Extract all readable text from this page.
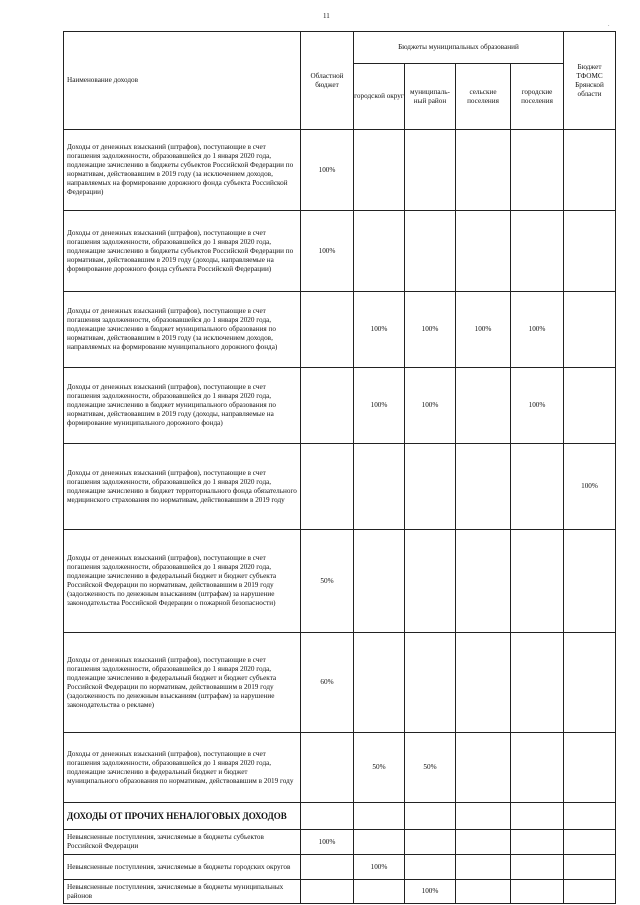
11
.
Наименование доходов	Областной бюджет	Бюджеты муниципальных образований				Бюджет ТФОМС Брянской области
		городской округ	муниципаль-ный район	сельские поселения	городские поселения	
Доходы от денежных взысканий (штрафов), поступающие в счет погашения задолженности, образовавшейся до 1 января 2020 года, подлежащие зачислению в бюджеты субъектов Российской Федерации по нормативам, действовавшим в 2019 году (за исключением доходов, направляемых на формирование дорожного фонда субъекта Российской Федерации)	100%					
Доходы от денежных взысканий (штрафов), поступающие в счет погашения задолженности, образовавшейся до 1 января 2020 года, подлежащие зачислению в бюджеты субъектов Российской Федерации по нормативам, действовавшим в 2019 году (доходы, направляемые на формирование дорожного фонда субъекта Российской Федерации)	100%					
Доходы от денежных взысканий (штрафов), поступающие в счет погашения задолженности, образовавшейся до 1 января 2020 года, подлежащие зачислению в бюджет муниципального образования по нормативам, действовавшим в 2019 году (за исключением доходов, направляемых на формирование муниципального дорожного фонда)		100%	100%	100%	100%	
Доходы от денежных взысканий (штрафов), поступающие в счет погашения задолженности, образовавшейся до 1 января 2020 года, подлежащие зачислению в бюджет муниципального образования по нормативам, действовавшим в 2019 году (доходы, направляемые на формирование муниципального дорожного фонда)		100%	100%		100%	
Доходы от денежных взысканий (штрафов), поступающие в счет погашения задолженности, образовавшейся до 1 января 2020 года, подлежащие зачислению в бюджет территориального фонда обязательного медицинского страхования по нормативам, действовавшим в 2019 году						100%
Доходы от денежных взысканий (штрафов), поступающие в счет погашения задолженности, образовавшейся до 1 января 2020 года, подлежащие зачислению в федеральный бюджет и бюджет субъекта Российской Федерации по нормативам, действовавшим в 2019 году (задолженность по денежным взысканиям (штрафам) за нарушение законодательства Российской Федерации о пожарной безопасности)	50%					
Доходы от денежных взысканий (штрафов), поступающие в счет погашения задолженности, образовавшейся до 1 января 2020 года, подлежащие зачислению в федеральный бюджет и бюджет субъекта Российской Федерации по нормативам, действовавшим в 2019 году (задолженность по денежным взысканиям (штрафам) за нарушение законодательства о рекламе)	60%					
Доходы от денежных взысканий (штрафов), поступающие в счет погашения задолженности, образовавшейся до 1 января 2020 года, подлежащие зачислению в федеральный бюджет и бюджет муниципального образования по нормативам, действовавшим в 2019 году		50%	50%			
ДОХОДЫ ОТ ПРОЧИХ НЕНАЛОГОВЫХ ДОХОДОВ						
Невыясненные поступления, зачисляемые в бюджеты субъектов Российской Федерации	100%					
Невыясненные поступления, зачисляемые в бюджеты городских округов		100%				
Невыясненные поступления, зачисляемые в бюджеты муниципальных районов			100%			
